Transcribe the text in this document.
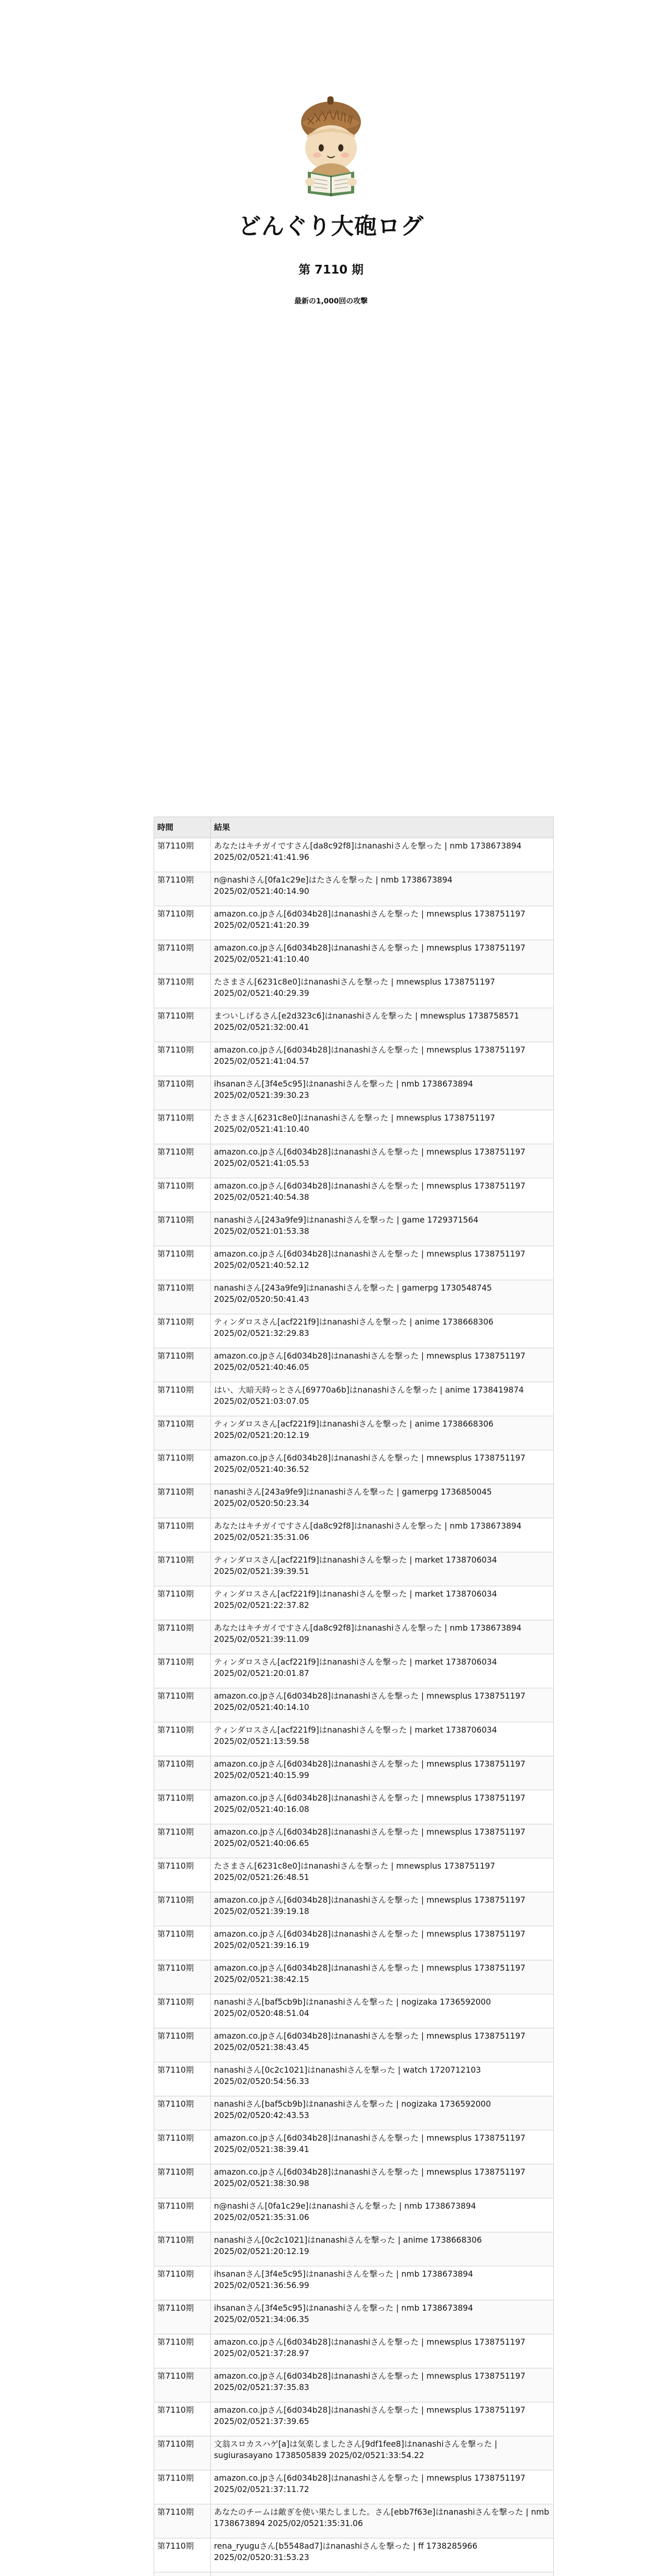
どんぐり大砲ログ
第 7110 期
最新の1,000回の攻撃
時間	結果
第7110期	あなたはキチガイですさん[da8c92f8]はnanashiさんを撃った | nmb 1738673894 2025/02/0521:41:41.96
第7110期	n@nashiさん[0fa1c29e]はたさんを撃った | nmb 1738673894 2025/02/0521:40:14.90
第7110期	amazon.co.jpさん[6d034b28]はnanashiさんを撃った | mnewsplus 1738751197 2025/02/0521:41:20.39
第7110期	amazon.co.jpさん[6d034b28]はnanashiさんを撃った | mnewsplus 1738751197 2025/02/0521:41:10.40
第7110期	たさまさん[6231c8e0]はnanashiさんを撃った | mnewsplus 1738751197 2025/02/0521:40:29.39
第7110期	まついしげるさん[e2d323c6]はnanashiさんを撃った | mnewsplus 1738758571 2025/02/0521:32:00.41
第7110期	amazon.co.jpさん[6d034b28]はnanashiさんを撃った | mnewsplus 1738751197 2025/02/0521:41:04.57
第7110期	ihsananさん[3f4e5c95]はnanashiさんを撃った | nmb 1738673894 2025/02/0521:39:30.23
第7110期	たさまさん[6231c8e0]はnanashiさんを撃った | mnewsplus 1738751197 2025/02/0521:41:10.40
第7110期	amazon.co.jpさん[6d034b28]はnanashiさんを撃った | mnewsplus 1738751197 2025/02/0521:41:05.53
第7110期	amazon.co.jpさん[6d034b28]はnanashiさんを撃った | mnewsplus 1738751197 2025/02/0521:40:54.38
第7110期	nanashiさん[243a9fe9]はnanashiさんを撃った | game 1729371564 2025/02/0521:01:53.38
第7110期	amazon.co.jpさん[6d034b28]はnanashiさんを撃った | mnewsplus 1738751197 2025/02/0521:40:52.12
第7110期	nanashiさん[243a9fe9]はnanashiさんを撃った | gamerpg 1730548745 2025/02/0520:50:41.43
第7110期	ティンダロスさん[acf221f9]はnanashiさんを撃った | anime 1738668306 2025/02/0521:32:29.83
第7110期	amazon.co.jpさん[6d034b28]はnanashiさんを撃った | mnewsplus 1738751197 2025/02/0521:40:46.05
第7110期	はい、大暗天時っとさん[69770a6b]はnanashiさんを撃った | anime 1738419874 2025/02/0521:03:07.05
第7110期	ティンダロスさん[acf221f9]はnanashiさんを撃った | anime 1738668306 2025/02/0521:20:12.19
第7110期	amazon.co.jpさん[6d034b28]はnanashiさんを撃った | mnewsplus 1738751197 2025/02/0521:40:36.52
第7110期	nanashiさん[243a9fe9]はnanashiさんを撃った | gamerpg 1736850045 2025/02/0520:50:23.34
第7110期	あなたはキチガイですさん[da8c92f8]はnanashiさんを撃った | nmb 1738673894 2025/02/0521:35:31.06
第7110期	ティンダロスさん[acf221f9]はnanashiさんを撃った | market 1738706034 2025/02/0521:39:39.51
第7110期	ティンダロスさん[acf221f9]はnanashiさんを撃った | market 1738706034 2025/02/0521:22:37.82
第7110期	あなたはキチガイですさん[da8c92f8]はnanashiさんを撃った | nmb 1738673894 2025/02/0521:39:11.09
第7110期	ティンダロスさん[acf221f9]はnanashiさんを撃った | market 1738706034 2025/02/0521:20:01.87
第7110期	amazon.co.jpさん[6d034b28]はnanashiさんを撃った | mnewsplus 1738751197 2025/02/0521:40:14.10
第7110期	ティンダロスさん[acf221f9]はnanashiさんを撃った | market 1738706034 2025/02/0521:13:59.58
第7110期	amazon.co.jpさん[6d034b28]はnanashiさんを撃った | mnewsplus 1738751197 2025/02/0521:40:15.99
第7110期	amazon.co.jpさん[6d034b28]はnanashiさんを撃った | mnewsplus 1738751197 2025/02/0521:40:16.08
第7110期	amazon.co.jpさん[6d034b28]はnanashiさんを撃った | mnewsplus 1738751197 2025/02/0521:40:06.65
第7110期	たさまさん[6231c8e0]はnanashiさんを撃った | mnewsplus 1738751197 2025/02/0521:26:48.51
第7110期	amazon.co.jpさん[6d034b28]はnanashiさんを撃った | mnewsplus 1738751197 2025/02/0521:39:19.18
第7110期	amazon.co.jpさん[6d034b28]はnanashiさんを撃った | mnewsplus 1738751197 2025/02/0521:39:16.19
第7110期	amazon.co.jpさん[6d034b28]はnanashiさんを撃った | mnewsplus 1738751197 2025/02/0521:38:42.15
第7110期	nanashiさん[baf5cb9b]はnanashiさんを撃った | nogizaka 1736592000 2025/02/0520:48:51.04
第7110期	amazon.co.jpさん[6d034b28]はnanashiさんを撃った | mnewsplus 1738751197 2025/02/0521:38:43.45
第7110期	nanashiさん[0c2c1021]はnanashiさんを撃った | watch 1720712103 2025/02/0520:54:56.33
第7110期	nanashiさん[baf5cb9b]はnanashiさんを撃った | nogizaka 1736592000 2025/02/0520:42:43.53
第7110期	amazon.co.jpさん[6d034b28]はnanashiさんを撃った | mnewsplus 1738751197 2025/02/0521:38:39.41
第7110期	amazon.co.jpさん[6d034b28]はnanashiさんを撃った | mnewsplus 1738751197 2025/02/0521:38:30.98
第7110期	n@nashiさん[0fa1c29e]はnanashiさんを撃った | nmb 1738673894 2025/02/0521:35:31.06
第7110期	nanashiさん[0c2c1021]はnanashiさんを撃った | anime 1738668306 2025/02/0521:20:12.19
第7110期	ihsananさん[3f4e5c95]はnanashiさんを撃った | nmb 1738673894 2025/02/0521:36:56.99
第7110期	ihsananさん[3f4e5c95]はnanashiさんを撃った | nmb 1738673894 2025/02/0521:34:06.35
第7110期	amazon.co.jpさん[6d034b28]はnanashiさんを撃った | mnewsplus 1738751197 2025/02/0521:37:28.97
第7110期	amazon.co.jpさん[6d034b28]はnanashiさんを撃った | mnewsplus 1738751197 2025/02/0521:37:35.83
第7110期	amazon.co.jpさん[6d034b28]はnanashiさんを撃った | mnewsplus 1738751197 2025/02/0521:37:39.65
第7110期	文翁スロカスハゲ[a]は気楽しましたさん[9df1fee8]はnanashiさんを撃った | sugiurasayano 1738505839 2025/02/0521:33:54.22
第7110期	amazon.co.jpさん[6d034b28]はnanashiさんを撃った | mnewsplus 1738751197 2025/02/0521:37:11.72
第7110期	あなたのチームは敵ぎを使い果たしました。さん[ebb7f63e]はnanashiさんを撃った | nmb 1738673894 2025/02/0521:35:31.06
第7110期	rena_ryuguさん[b5548ad7]はnanashiさんを撃った | ff 1738285966 2025/02/0520:31:53.23
